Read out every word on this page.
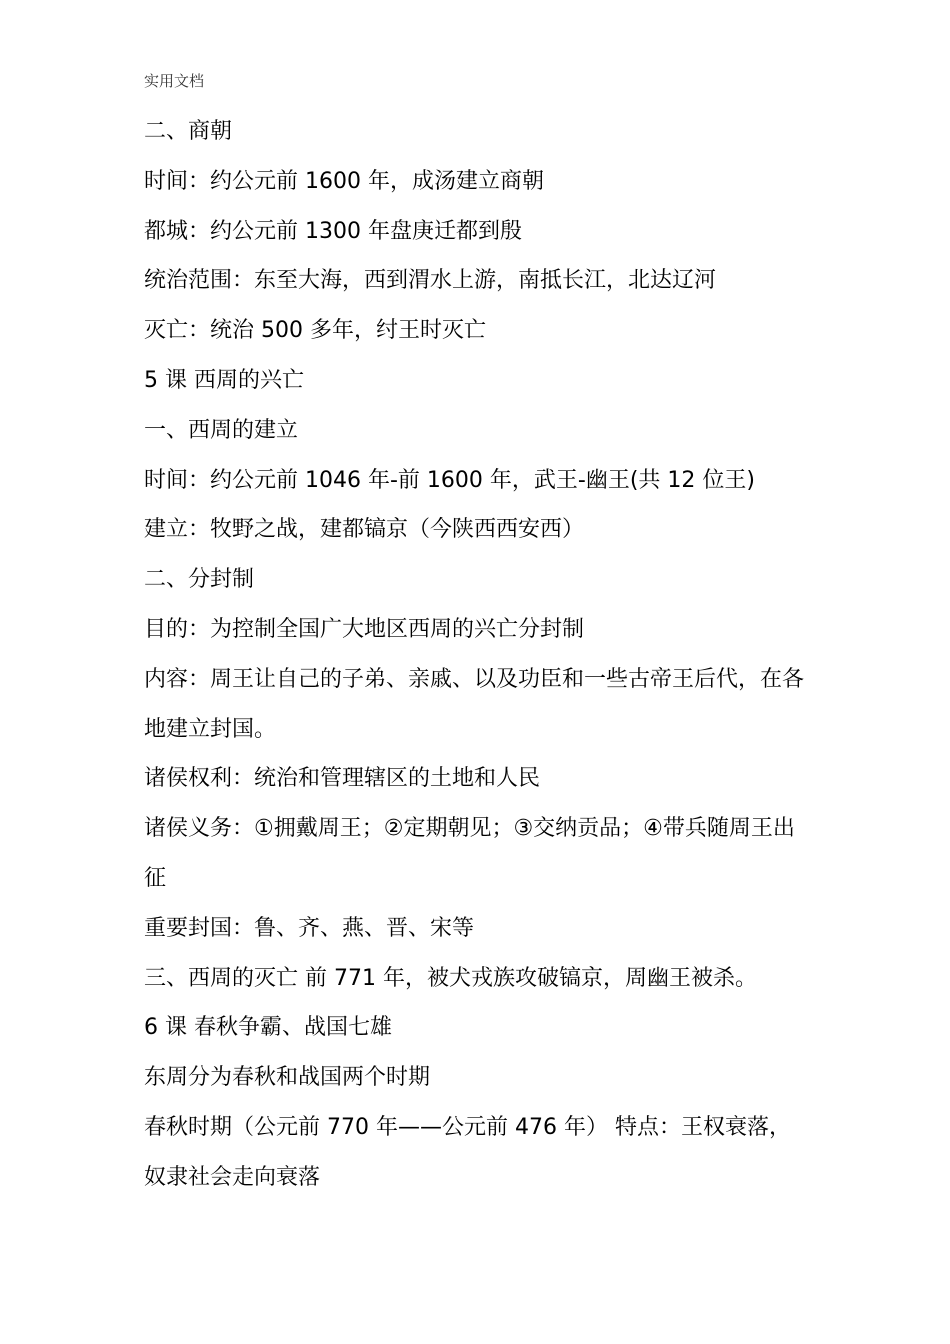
实用文档
二、商朝
时间：约公元前 1600 年，成汤建立商朝
都城：约公元前 1300 年盘庚迁都到殷
统治范围：东至大海，西到渭水上游，南抵长江，北达辽河
灭亡：统治 500 多年，纣王时灭亡
5 课 西周的兴亡
一、西周的建立
时间：约公元前 1046 年-前 1600 年，武王-幽王(共 12 位王)
建立：牧野之战，建都镐京（今陕西西安西）
二、分封制
目的：为控制全国广大地区西周的兴亡分封制
内容：周王让自己的子弟、亲戚、以及功臣和一些古帝王后代，在各
地建立封国。
诸侯权利：统治和管理辖区的土地和人民
诸侯义务：①拥戴周王；②定期朝见；③交纳贡品；④带兵随周王出
征
重要封国：鲁、齐、燕、晋、宋等
三、西周的灭亡 前 771 年，被犬戎族攻破镐京，周幽王被杀。
6 课 春秋争霸、战国七雄
东周分为春秋和战国两个时期
春秋时期（公元前 770 年——公元前 476 年） 特点：王权衰落，
奴隶社会走向衰落
